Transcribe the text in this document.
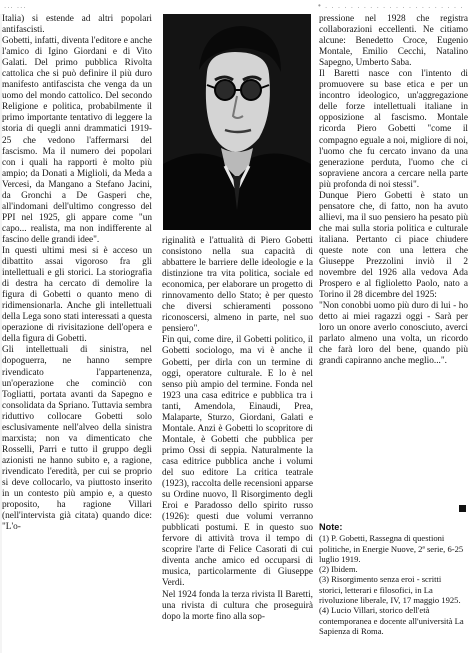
... ...	• . . . . . . . . . . . . . . . . . . . . . .

Italia) si estende ad altri popolari antifascisti.

Gobetti, infatti, diventa l'editore e anche l'amico di Igino Giordani e di Vito Galati. Del primo pubblica Rivolta cattolica che si può definire il più duro manifesto antifascista che venga da un uomo del mondo cattolico. Del secondo Religione e politica, probabilmente il primo importante tentativo di leggere la storia di quegli anni drammatici 1919-25 che vedono l'affermarsi del fascismo. Ma il numero dei popolari con i quali ha rapporti è molto più ampio; da Donati a Miglioli, da Meda a Vercesi, da Mangano a Stefano Jacini, da Gronchi a De Gasperi che, all'indomani dell'ultimo congresso del PPI nel 1925, gli appare come "un capo... realista, ma non indifferente al fascino delle grandi idee".

In questi ultimi mesi si è acceso un dibattito assai vigoroso fra gli intellettuali e gli storici. La storiografia di destra ha cercato di demolire la figura di Gobetti o quanto meno di ridimensionarla. Anche gli intellettuali della Lega sono stati interessati a questa operazione di rivisitazione dell'opera e della figura di Gobetti.

Gli intellettuali di sinistra, nel dopoguerra, ne hanno sempre rivendicato l'appartenenza, un'operazione che cominciò con Togliatti, portata avanti da Sapegno e consolidata da Spriano. Tuttavia sembra riduttivo collocare Gobetti solo esclusivamente nell'alveo della sinistra marxista; non va dimenticato che Rosselli, Parri e tutto il gruppo degli azionisti ne hanno subito e, a ragione, rivendicato l'eredità, per cui se proprio si deve collocarlo, va piuttosto inserito in un contesto più ampio e, a questo proposito, ha ragione Villari (nell'intervista già citata) quando dice: "L'o-

riginalità e l'attualità di Piero Gobetti consistono nella sua capacità di abbattere le barriere delle ideologie e la distinzione tra vita politica, sociale ed economica, per elaborare un progetto di rinnovamento dello Stato; è per questo che diversi schieramenti possono riconoscersi, almeno in parte, nel suo pensiero".

Fin qui, come dire, il Gobetti politico, il Gobetti sociologo, ma vi è anche il Gobetti, per dirla con un termine di oggi, operatore culturale. E lo è nel senso più ampio del termine. Fonda nel 1923 una casa editrice e pubblica tra i tanti, Amendola, Einaudi, Prea, Malaparte, Sturzo, Giordani, Galati e Montale. Anzi è Gobetti lo scopritore di Montale, è Gobetti che pubblica per primo Ossi di seppia. Naturalmente la casa editrice pubblica anche i volumi del suo editore La critica teatrale (1923), raccolta delle recensioni apparse su Ordine nuovo, Il Risorgimento degli Eroi e Paradosso dello spirito russo (1926): questi due volumi verranno pubblicati postumi. E in questo suo fervore di attività trova il tempo di scoprire l'arte di Felice Casorati di cui diventa anche amico ed occuparsi di musica, particolarmente di Giuseppe Verdi.

Nel 1924 fonda la terza rivista Il Baretti, una rivista di cultura che proseguirà dopo la morte fino alla sop-

pressione nel 1928 che registra collaborazioni eccellenti. Ne citiamo alcune: Benedetto Croce, Eugenio Montale, Emilio Cecchi, Natalino Sapegno, Umberto Saba.

Il Baretti nasce con l'intento di promuovere su base etica e per un incontro ideologico, un'aggregazione delle forze intellettuali italiane in opposizione al fascismo. Montale ricorda Piero Gobetti "come il compagno eguale a noi, migliore di noi, l'uomo che fu cercato invano da una generazione perduta, l'uomo che ci sopraviene ancora a cercare nella parte più profonda di noi stessi".

Dunque Piero Gobetti è stato un pensatore che, di fatto, non ha avuto allievi, ma il suo pensiero ha pesato più che mai sulla storia politica e culturale italiana. Pertanto ci piace chiudere queste note con una lettera che Giuseppe Prezzolini inviò il 2 novembre del 1926 alla vedova Ada Prospero e al figlioletto Paolo, nato a Torino il 28 dicembre del 1925:

"Non conobbi uomo più duro di lui - ho detto ai miei ragazzi oggi - Sarà per loro un onore averlo conosciuto, averci parlato almeno una volta, un ricordo che farà loro del bene, quando più grandi capiranno anche meglio...".

Note:

(1) P. Gobetti, Rassegna di questioni politiche, in Energie Nuove, 2ª serie, 6-25 luglio 1919.

(2) Ibidem.

(3) Risorgimento senza eroi - scritti storici, letterari e filosofici, in La rivoluzione liberale, IV, 17 maggio 1925.

(4) Lucio Villari, storico dell'età contemporanea e docente all'università La Sapienza di Roma.
